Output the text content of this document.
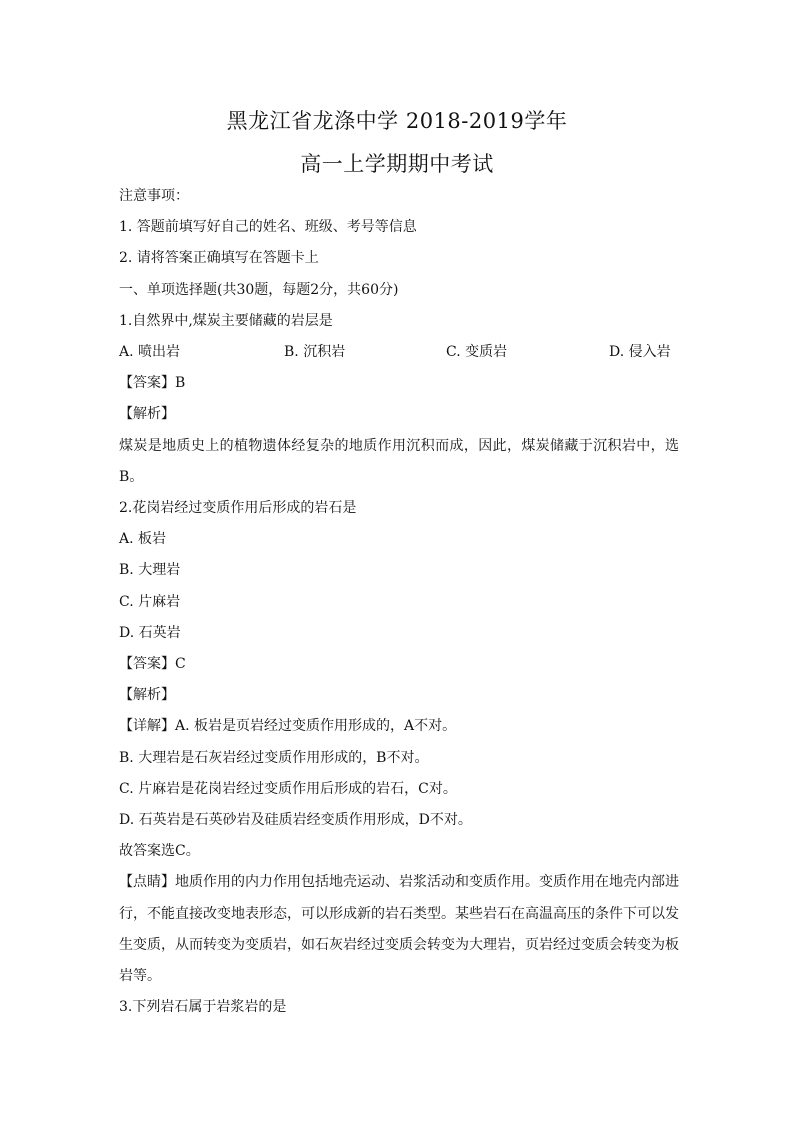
黑龙江省龙涤中学 2018-2019学年
高一上学期期中考试
注意事项：
1. 答题前填写好自己的姓名、班级、考号等信息
2. 请将答案正确填写在答题卡上
一、单项选择题(共30题，每题2分，共60分)
1.自然界中,煤炭主要储藏的岩层是
A. 喷出岩	B. 沉积岩	C. 变质岩	D. 侵入岩
【答案】B
【解析】
煤炭是地质史上的植物遗体经复杂的地质作用沉积而成，因此，煤炭储藏于沉积岩中，选
B。
2.花岗岩经过变质作用后形成的岩石是
A. 板岩
B. 大理岩
C. 片麻岩
D. 石英岩
【答案】C
【解析】
【详解】A. 板岩是页岩经过变质作用形成的，A不对。
B. 大理岩是石灰岩经过变质作用形成的，B不对。
C. 片麻岩是花岗岩经过变质作用后形成的岩石，C对。
D. 石英岩是石英砂岩及硅质岩经变质作用形成，D不对。
故答案选C。
【点睛】地质作用的内力作用包括地壳运动、岩浆活动和变质作用。变质作用在地壳内部进
行，不能直接改变地表形态，可以形成新的岩石类型。某些岩石在高温高压的条件下可以发
生变质，从而转变为变质岩，如石灰岩经过变质会转变为大理岩，页岩经过变质会转变为板
岩等。
3.下列岩石属于岩浆岩的是
